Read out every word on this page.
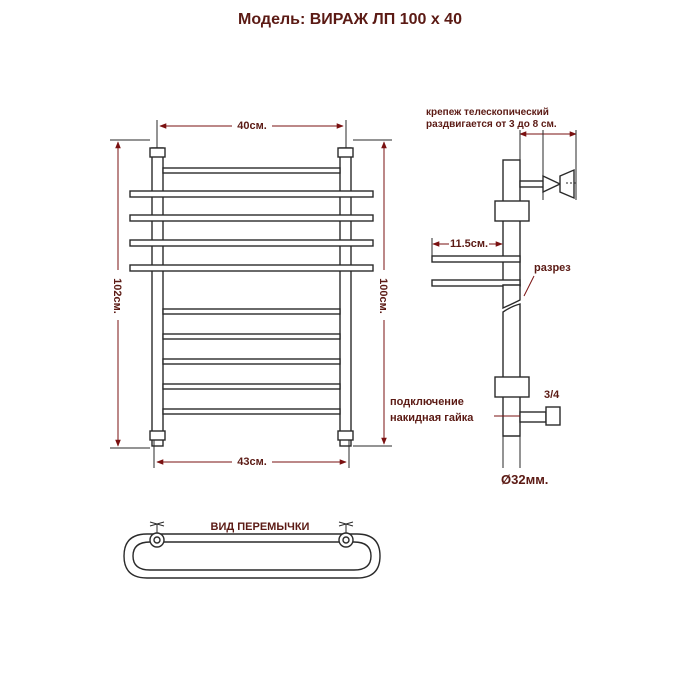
Модель: ВИРАЖ ЛП 100 х 40
40см.
43см.
102см.	100см.
крепеж телескопический
раздвигается от 3 до 8 см.
11.5см.
разрез
3/4
подключение
накидная гайка
Ø32мм.
ВИД ПЕРЕМЫЧКИ
